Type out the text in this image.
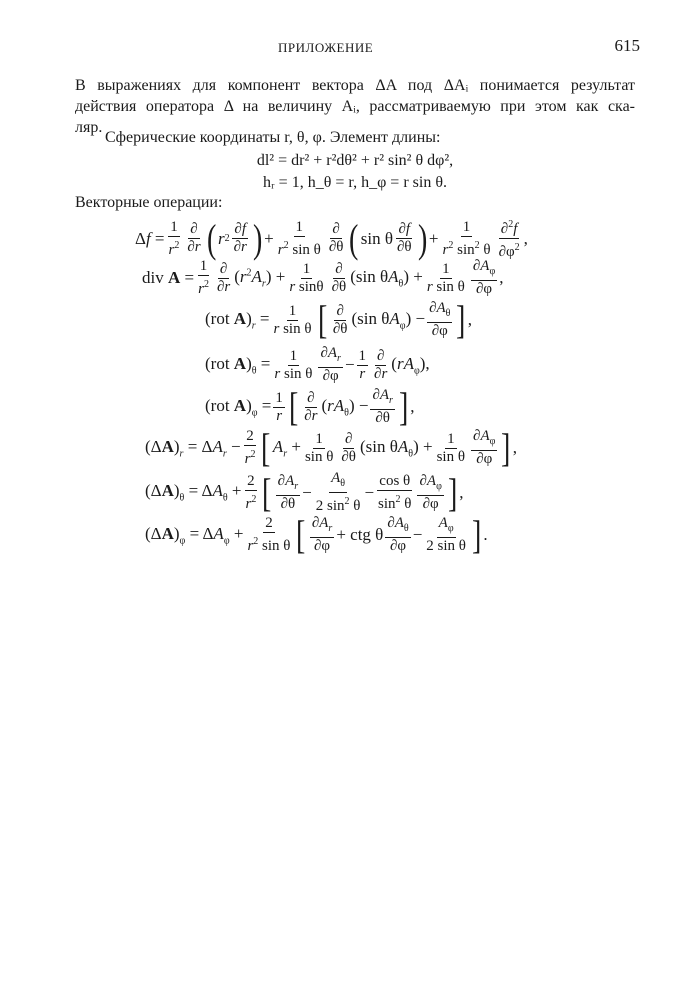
ПРИЛОЖЕНИЕ	615
В выражениях для компонент вектора ΔA под ΔAᵢ понимается результат
действия оператора Δ на величину Aᵢ, рассматриваемую при этом как ска-
ляр.
Сферические координаты r, θ, φ. Элемент длины:
dl² = dr² + r²dθ² + r² sin² θ dφ²,
hᵣ = 1, h_θ = r, h_φ = r sin θ.
Векторные операции:
$\Delta f = \frac{1}{r^2} \frac{\partial}{\partial r}$ ( r $2 \frac{\partial f}{\partial r}$ ) + $\frac{1}{r^2 \sin \theta} \frac{\partial}{\partial\theta}$ ( sin θ $\frac{\partial f}{\partial\theta}$ ) + $\frac{1}{r^2 \sin^2 \theta} \frac{\partial^2f}{\partial\varphi^2}$ ,
div $A = \frac{1}{r^2} \frac{\partial}{\partial r} (r^2A_r) + \frac{1}{\text{r sinθ}} \frac{\partial}{\partial\theta} (\sin$ $\theta A_\theta) + \frac{1}{\text{r sin θ}} \frac{\partial A_\varphi}{\partial\varphi}$ ,
(rot $A)_r = \frac{1}{\text{r sin θ}}$ [ $\frac{\partial}{\partial\theta} (\sin$ $\theta A_\varphi) - \frac{\partial A_\theta}{\partial\varphi}$ ] ,
(rot $A)_\theta = \frac{1}{\text{r sin θ}} \frac{\partial A_r}{\partial\varphi} - \frac{1}{r} \frac{\partial}{\partial r} (rA_\varphi)$,
(rot $A)_\varphi = \frac{1}{r}$ [ $\frac{\partial}{\partial r} (rA_\theta) - \frac{\partial A_r}{\partial\theta}$ ] ,
$(\Delta A)_r = \Delta A_r - \frac{2}{r^2}$ [ $A_r + \frac{1}{\text{sin θ}} \frac{\partial}{\partial\theta} (\sin$ $\theta A_\theta) + \frac{1}{\text{sin θ}} \frac{\partial A_\varphi}{\partial\varphi}$ ] ,
$(\Delta A)_\theta = \Delta A_\theta + \frac{2}{r^2}$ [ $\frac{\partial A_r}{\partial\theta} - \frac{A_\theta}{2 \sin^2 \theta} - \frac{\text{cos θ}}{\sin^2 \theta} \frac{\partial A_\varphi}{\partial\varphi}$ ] ,
$(\Delta A)_\varphi = \Delta A_\varphi + \frac{2}{r^2 \sin \theta}$ [ $\frac{\partial A_r}{\partial\varphi}$ + ctg θ $\frac{\partial A_\theta}{\partial\varphi} - \frac{A_\varphi}{\text{2 sin θ}}$ ] .
